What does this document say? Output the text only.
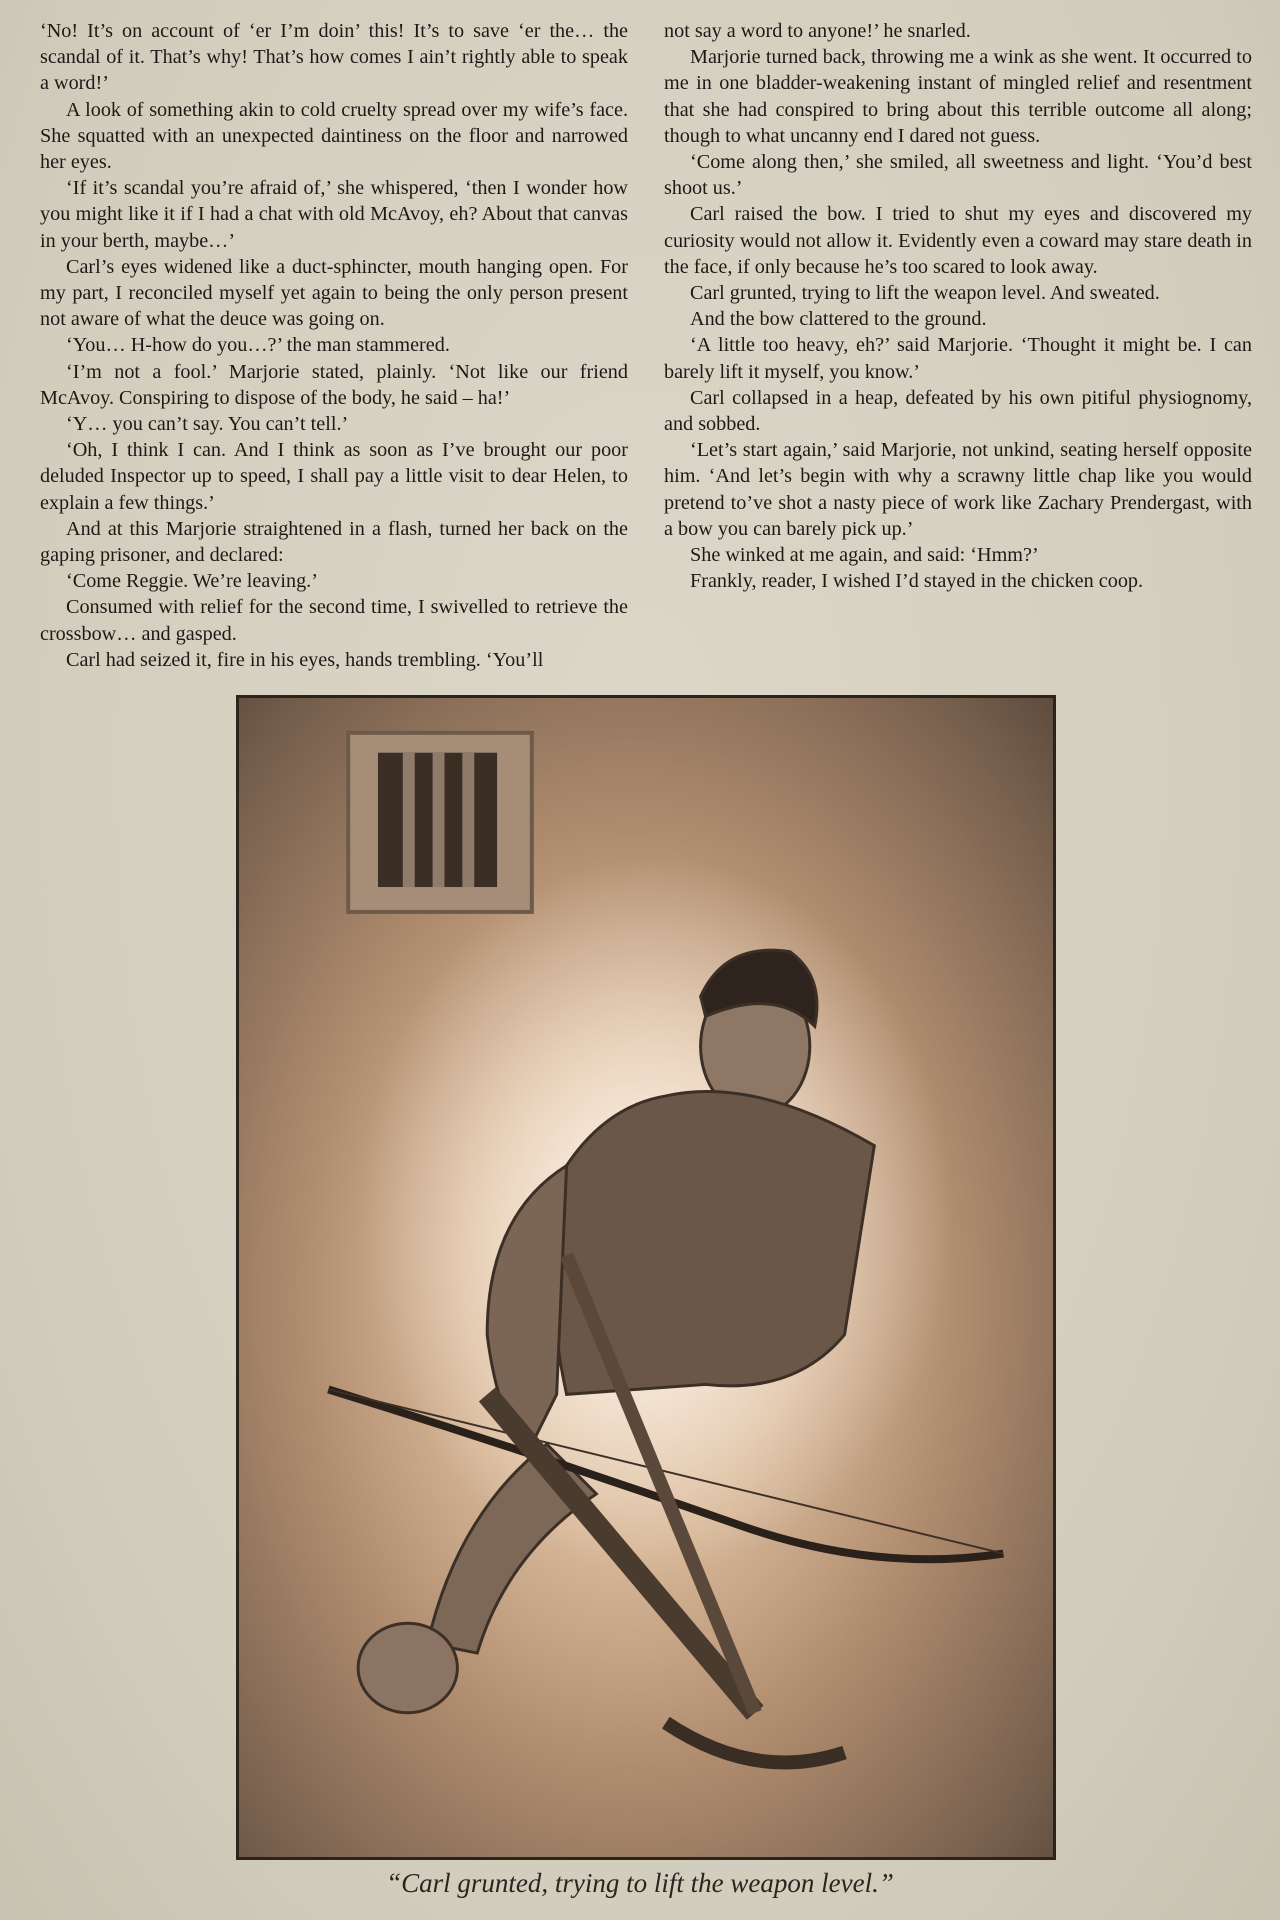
‘No! It’s on account of ‘er I’m doin’ this! It’s to save ‘er the… the scandal of it. That’s why! That’s how comes I ain’t rightly able to speak a word!’

A look of something akin to cold cruelty spread over my wife’s face. She squatted with an unexpected daintiness on the floor and narrowed her eyes.

‘If it’s scandal you’re afraid of,’ she whispered, ‘then I wonder how you might like it if I had a chat with old McAvoy, eh? About that canvas in your berth, maybe…’

Carl’s eyes widened like a duct-sphincter, mouth hanging open. For my part, I reconciled myself yet again to being the only person present not aware of what the deuce was going on.

‘You… H-how do you…?’ the man stammered.

‘I’m not a fool.’ Marjorie stated, plainly. ‘Not like our friend McAvoy. Conspiring to dispose of the body, he said – ha!’

‘Y… you can’t say. You can’t tell.’

‘Oh, I think I can. And I think as soon as I’ve brought our poor deluded Inspector up to speed, I shall pay a little visit to dear Helen, to explain a few things.’

And at this Marjorie straightened in a flash, turned her back on the gaping prisoner, and declared:

‘Come Reggie. We’re leaving.’

Consumed with relief for the second time, I swivelled to retrieve the crossbow… and gasped.

Carl had seized it, fire in his eyes, hands trembling. ‘You’ll

not say a word to anyone!’ he snarled.

Marjorie turned back, throwing me a wink as she went. It occurred to me in one bladder-weakening instant of mingled relief and resentment that she had conspired to bring about this terrible outcome all along; though to what uncanny end I dared not guess.

‘Come along then,’ she smiled, all sweetness and light. ‘You’d best shoot us.’

Carl raised the bow. I tried to shut my eyes and discovered my curiosity would not allow it. Evidently even a coward may stare death in the face, if only because he’s too scared to look away.

Carl grunted, trying to lift the weapon level. And sweated.

And the bow clattered to the ground.

‘A little too heavy, eh?’ said Marjorie. ‘Thought it might be. I can barely lift it myself, you know.’

Carl collapsed in a heap, defeated by his own pitiful physiognomy, and sobbed.

‘Let’s start again,’ said Marjorie, not unkind, seating herself opposite him. ‘And let’s begin with why a scrawny little chap like you would pretend to’ve shot a nasty piece of work like Zachary Prendergast, with a bow you can barely pick up.’

She winked at me again, and said: ‘Hmm?’

Frankly, reader, I wished I’d stayed in the chicken coop.

“Carl grunted, trying to lift the weapon level.”
